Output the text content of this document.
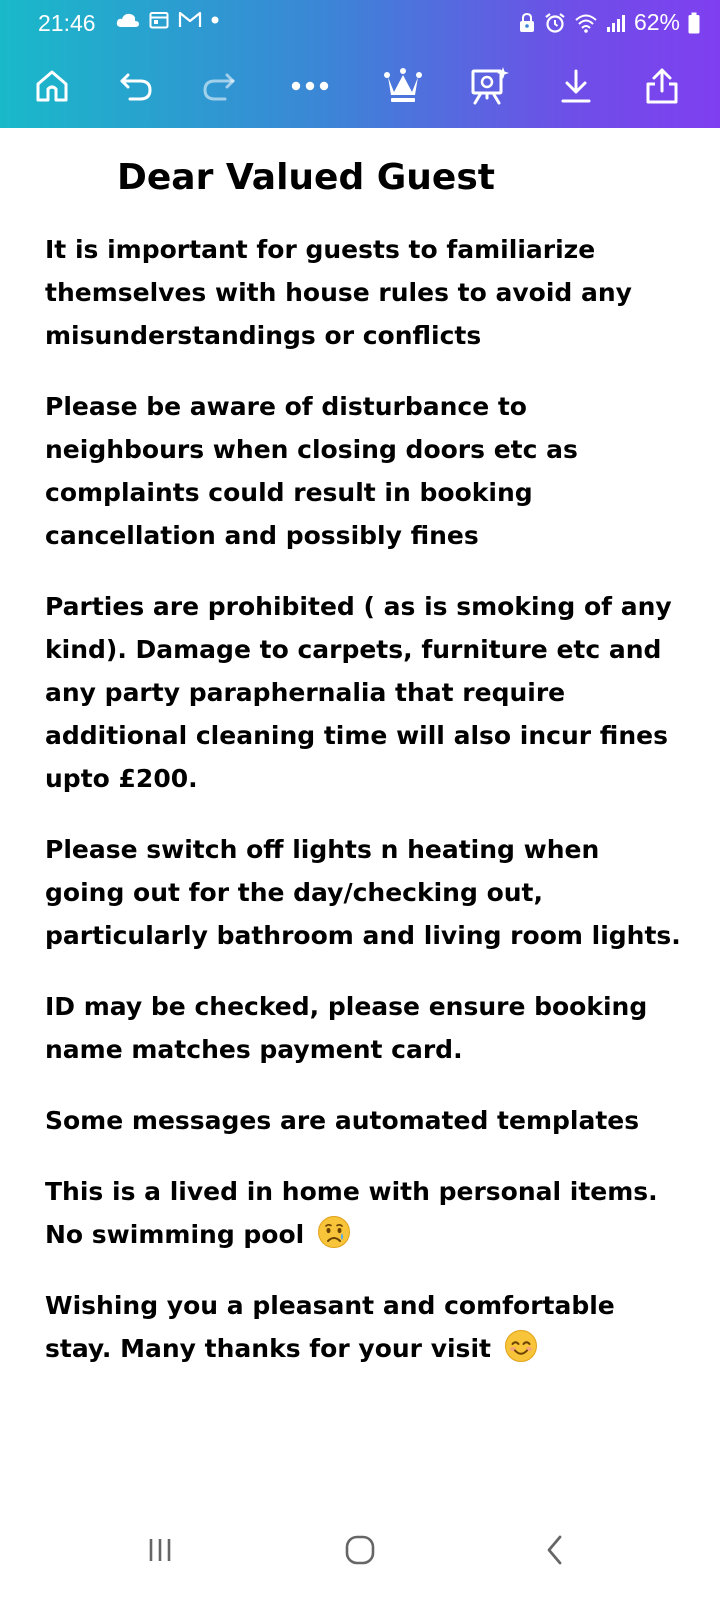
21:46	62%
Dear Valued Guest
It is important for guests to familiarize themselves with house rules to avoid any misunderstandings or conflicts
Please be aware of disturbance to neighbours when closing doors etc as complaints could result in booking cancellation and possibly fines
Parties are prohibited ( as is smoking of any kind). Damage to carpets, furniture etc and any party paraphernalia that require additional cleaning time will also incur fines upto £200.
Please switch off lights n heating when going out for the day/checking out, particularly bathroom and living room lights.
ID may be checked, please ensure booking name matches payment card.
Some messages are automated templates
This is a lived in home with personal items. No swimming pool
Wishing you a pleasant and comfortable stay. Many thanks for your visit
